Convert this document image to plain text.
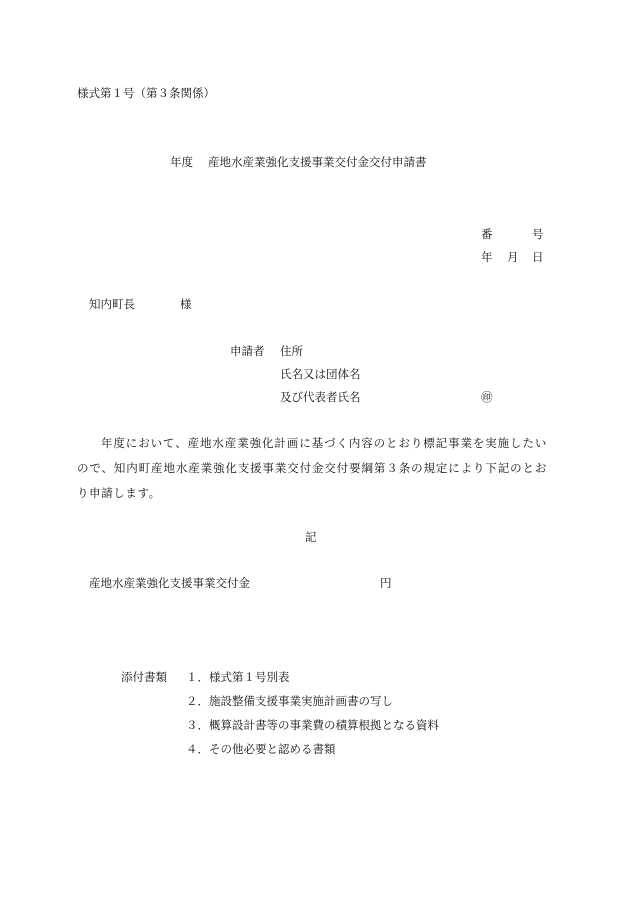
様式第１号（第３条関係）
年度 産地水産業強化支援事業交付金交付申請書
番	号
年 月 日
知内町長	様
申請者 住所
氏名又は団体名
及び代表者氏名	㊞
年度において、産地水産業強化計画に基づく内容のとおり標記事業を実施したいので、知内町産地水産業強化支援事業交付金交付要綱第３条の規定により下記のとおり申請します。
記
産地水産業強化支援事業交付金	円
添付書類 １．様式第１号別表
２．施設整備支援事業実施計画書の写し
３．概算設計書等の事業費の積算根拠となる資料
４．その他必要と認める書類
